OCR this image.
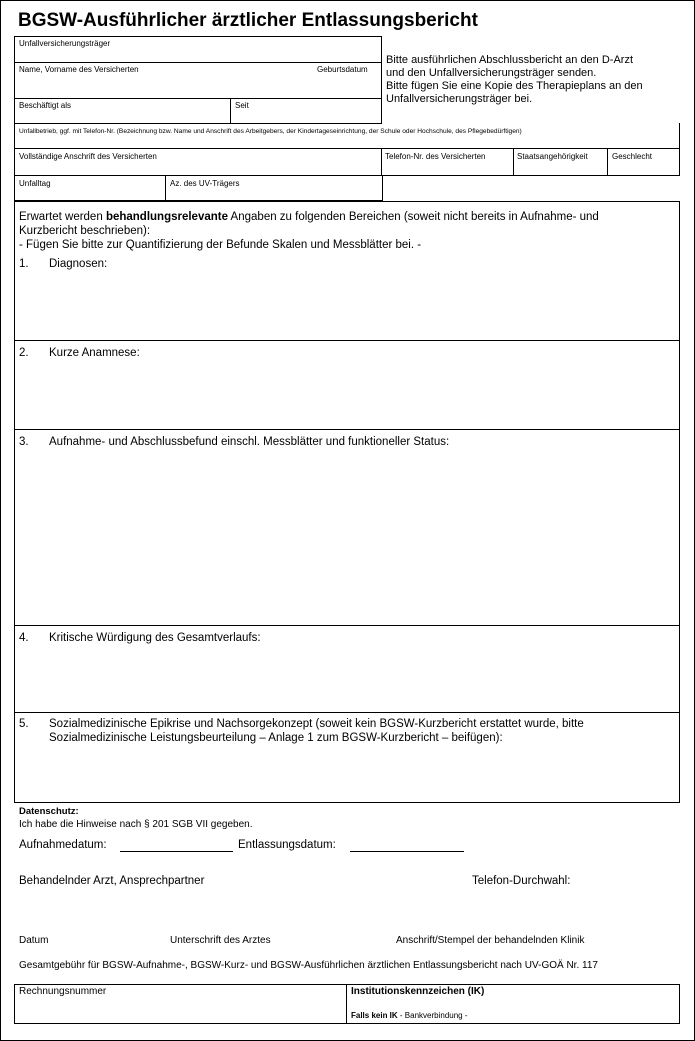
BGSW-Ausführlicher ärztlicher Entlassungsbericht
Unfallversicherungsträger
Name, Vorname des Versicherten	Geburtsdatum
Bitte ausführlichen Abschlussbericht an den D-Arzt
und den Unfallversicherungsträger senden.
Bitte fügen Sie eine Kopie des Therapieplans an den
Unfallversicherungsträger bei.
Beschäftigt als	Seit
Unfallbetrieb, ggf. mit Telefon-Nr. (Bezeichnung bzw. Name und Anschrift des Arbeitgebers, der Kindertageseinrichtung, der Schule oder Hochschule, des Pflegebedürftigen)
Vollständige Anschrift des Versicherten	Telefon-Nr. des Versicherten	Staatsangehörigkeit	Geschlecht
Unfalltag	Az. des UV-Trägers
Erwartet werden behandlungsrelevante Angaben zu folgenden Bereichen (soweit nicht bereits in Aufnahme- und
Kurzbericht beschrieben):
- Fügen Sie bitte zur Quantifizierung der Befunde Skalen und Messblätter bei. -
1. Diagnosen:
2. Kurze Anamnese:
3. Aufnahme- und Abschlussbefund einschl. Messblätter und funktioneller Status:
4. Kritische Würdigung des Gesamtverlaufs:
5. Sozialmedizinische Epikrise und Nachsorgekonzept (soweit kein BGSW-Kurzbericht erstattet wurde, bitte
Sozialmedizinische Leistungsbeurteilung – Anlage 1 zum BGSW-Kurzbericht – beifügen):
Datenschutz:
Ich habe die Hinweise nach § 201 SGB VII gegeben.
Aufnahmedatum:	Entlassungsdatum:
Behandelnder Arzt, Ansprechpartner	Telefon-Durchwahl:
Datum	Unterschrift des Arztes	Anschrift/Stempel der behandelnden Klinik
Gesamtgebühr für BGSW-Aufnahme-, BGSW-Kurz- und BGSW-Ausführlichen ärztlichen Entlassungsbericht nach UV-GOÄ Nr. 117
Rechnungsnummer	Institutionskennzeichen (IK)
Falls kein IK - Bankverbindung -
